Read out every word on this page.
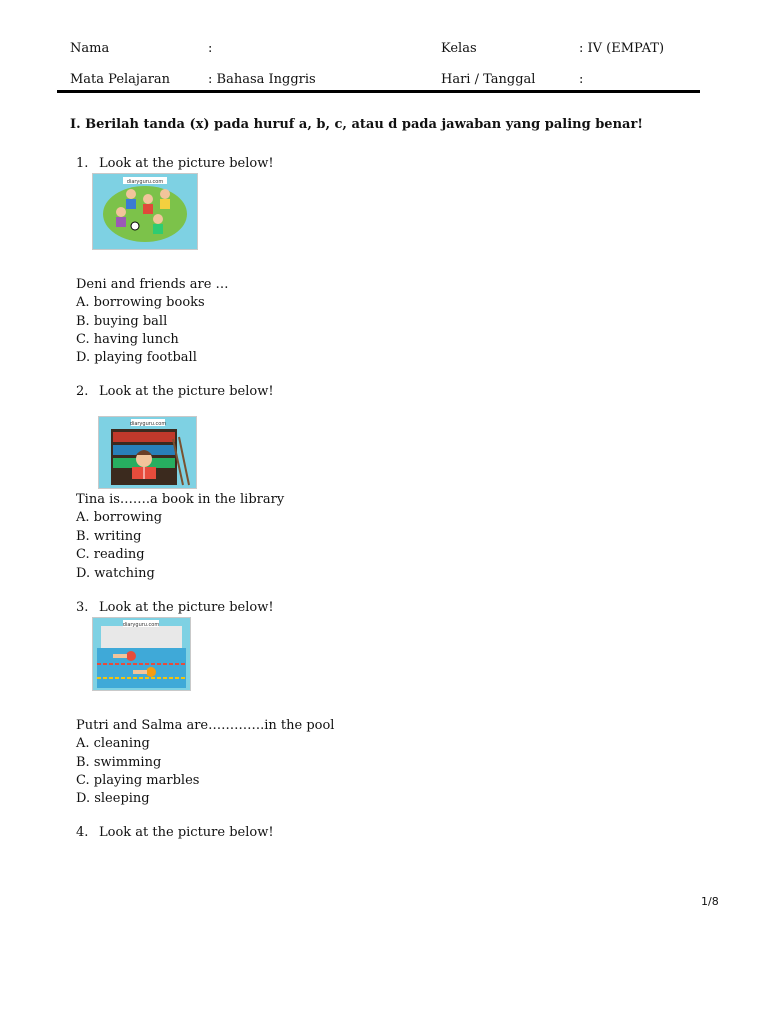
Nama	:	Kelas	: IV (EMPAT)
Mata Pelajaran	: Bahasa Inggris	Hari / Tanggal	:
I. Berilah tanda (x) pada huruf a, b, c, atau d pada jawaban yang paling benar!
1. Look at the picture below!
diaryguru.com
Deni and friends are …
A. borrowing books
B. buying ball
C. having lunch
D. playing football
2. Look at the picture below!
diaryguru.com
Tina is…….a book in the library
A. borrowing
B. writing
C. reading
D. watching
3. Look at the picture below!
diaryguru.com
Putri and Salma are………….in the pool
A. cleaning
B. swimming
C. playing marbles
D. sleeping
4. Look at the picture below!
1/8
